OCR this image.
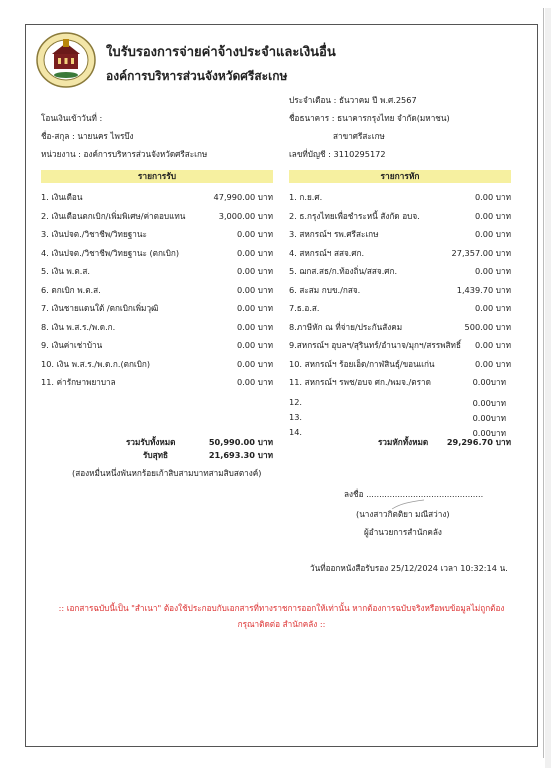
ใบรับรองการจ่ายค่าจ้างประจำและเงินอื่น
องค์การบริหารส่วนจังหวัดศรีสะเกษ
ประจำเดือน : ธันวาคม ปี พ.ศ.2567
โอนเงินเข้าวันที่ :	ชื่อธนาคาร : ธนาคารกรุงไทย จำกัด(มหาชน)
ชื่อ-สกุล : นายนคร ไพรบึง	สาขาศรีสะเกษ
หน่วยงาน : องค์การบริหารส่วนจังหวัดศรีสะเกษ	เลขที่บัญชี : 3110295172
รายการรับ	รายการหัก
1. เงินเดือน	47,990.00 บาท
2. เงินเดือนตกเบิก/เพิ่มพิเศษ/ค่าตอบแทน	3,000.00 บาท
3. เงินปจต./วิชาชีพ/วิทยฐานะ	0.00 บาท
4. เงินปจต./วิชาชีพ/วิทยฐานะ (ตกเบิก)	0.00 บาท
5. เงิน พ.ต.ส.	0.00 บาท
6. ตกเบิก พ.ต.ส.	0.00 บาท
7. เงินชายแดนใต้ /ตกเบิกเพิ่มวุฒิ	0.00 บาท
8. เงิน พ.ส.ร./พ.ด.ก.	0.00 บาท
9. เงินค่าเช่าบ้าน	0.00 บาท
10. เงิน พ.ส.ร./พ.ด.ก.(ตกเบิก)	0.00 บาท
11. ค่ารักษาพยาบาล	0.00 บาท
1. ก.ย.ศ.	0.00 บาท
2. ธ.กรุงไทยเพื่อชำระหนี้ สังกัด อบจ.	0.00 บาท
3. สหกรณ์ฯ รพ.ศรีสะเกษ	0.00 บาท
4. สหกรณ์ฯ สสจ.ศก.	27,357.00 บาท
5. ฌกส.สธ/ก.ท้องถิ่น/สสจ.ศก.	0.00 บาท
6. สะสม กบข./กสจ.	1,439.70 บาท
7.ธ.อ.ส.	0.00 บาท
8.ภาษีหัก ณ ที่จ่าย/ประกันสังคม	500.00 บาท
9.สหกรณ์ฯ อุบลฯ/สุรินทร์/อำนาจ/มุกฯ/สรรพสิทธิ์ 0.00 บาท
10. สหกรณ์ฯ ร้อยเอ็ด/กาฬสินธุ์/ขอนแก่น	0.00 บาท
11. สหกรณ์ฯ รพช/อบจ ศก./พมจ./ตราด	0.00บาท
12.	0.00บาท
13.	0.00บาท
14.	0.00บาท
รวมรับทั้งหมด	50,990.00 บาท
รับสุทธิ	21,693.30 บาท
(สองหมื่นหนึ่งพันหกร้อยเก้าสิบสามบาทสามสิบสตางค์)
รวมหักทั้งหมด	29,296.70 บาท
ลงชื่อ .............................................
(นางสาวกิตติยา มณีสว่าง)
ผู้อำนวยการสำนักคลัง
วันที่ออกหนังสือรับรอง 25/12/2024 เวลา 10:32:14 น.
:: เอกสารฉบับนี้เป็น "สำเนา" ต้องใช้ประกอบกับเอกสารที่ทางราชการออกให้เท่านั้น หากต้องการฉบับจริงหรือพบข้อมูลไม่ถูกต้อง
กรุณาติดต่อ สำนักคลัง ::
